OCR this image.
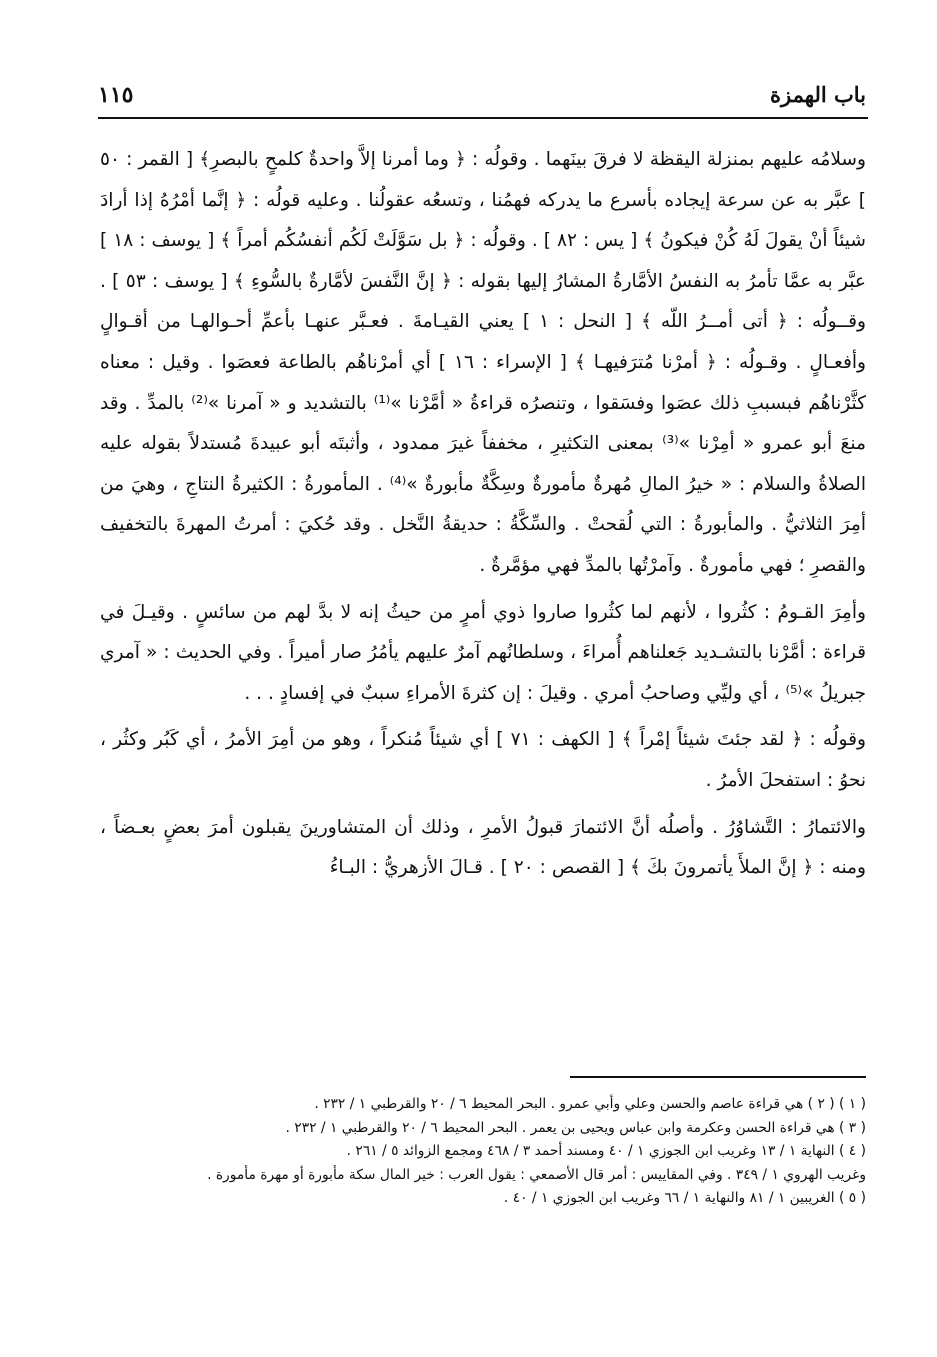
باب الهمزة
١١٥

وسلامُه عليهم بمنزلة اليقظة لا فرقَ بينَهما . وقولُه : ﴿ وما أمرنا إلاَّ واحدةٌ كلمحٍ بالبصرِ﴾ [ القمر : ٥٠ ] عبَّر به عن سرعة إيجاده بأسرع ما يدركه فهمُنا ، وتسعُه عقولُنا . وعليه قولُه : ﴿ إنَّما أمْرُهُ إذا أرادَ شيئاً أنْ يقولَ لَهُ كُنْ فيكونُ ﴾ [ يس : ٨٢ ] . وقولُه : ﴿ بل سَوَّلَتْ لَكُم أنفسُكُم أمراً ﴾ [ يوسف : ١٨ ] عبَّر به عمَّا تأمرُ به النفسُ الأمَّارةُ المشارُ إليها بقوله : ﴿ إنَّ النَّفسَ لأمَّارةٌ بالسُّوءِ ﴾ [ يوسف : ٥٣ ] . وقــولُه : ﴿ أتى أمــرُ اللّه ﴾ [ النحل : ١ ] يعني القيـامةَ . فعـبَّر عنهـا بأعمِّ أحـوالهـا من أقـوالٍ وأفعـالٍ . وقـولُه : ﴿ أمرْنا مُترَفيهـا ﴾ [ الإسراء : ١٦ ] أي أمرْناهُم بالطاعة فعصَوا . وقيل : معناه كثَّرْناهُم فبسببِ ذلك عصَوا وفسَقوا ، وتنصرُه قراءةُ « أمَّرْنا »⁽¹⁾ بالتشديد و « آمرنا »⁽²⁾ بالمدِّ . وقد منعَ أبو عمرو « أمِرْنا »⁽³⁾ بمعنى التكثيرِ ، مخففاً غيرَ ممدود ، وأثبتَه أبو عبيدةَ مُستدلاً بقوله عليه الصلاةُ والسلام : « خيرُ المالِ مُهرةٌ مأمورةٌ وسِكَّةٌ مأبورةٌ »⁽⁴⁾ . المأمورةُ : الكثيرةُ النتاجِ ، وهيَ من أمِرَ الثلاثيُّ . والمأبورةُ : التي لُقحتْ . والسِّكَّةُ : حديقةُ النَّخل . وقد حُكيَ : أمرتُ المهرةَ بالتخفيف والقصرِ ؛ فهي مأمورةٌ . وآمرْتُها بالمدِّ فهي مؤمَّرةٌ .

وأمِرَ القـومُ : كثُروا ، لأنهم لما كثُروا صاروا ذوي أمرٍ من حيثُ إنه لا بدَّ لهم من سائسٍ . وقيـلَ في قراءة : أمَّرْنا بالتشـديد جَعلناهم أُمراءَ ، وسلطانُهم آمرٌ عليهم يأمُرُ صار أميراً . وفي الحديث : « آمري جبريلُ »⁽⁵⁾ ، أي وليِّي وصاحبُ أمري . وقيلَ : إن كثرةَ الأمراءِ سببٌ في إفسادٍ . . .

وقولُه : ﴿ لقد جئتَ شيئاً إمْراً ﴾ [ الكهف : ٧١ ] أي شيئاً مُنكراً ، وهو من أمِرَ الأمرُ ، أي كَبُر وكثُر ، نحوُ : استفحلَ الأمرُ .

والائتمارُ : التَّشاوُرُ . وأصلُه أنَّ الائتمارَ قبولُ الأمرِ ، وذلك أن المتشاورينَ يقبلون أمرَ بعضٍ بعـضاً ، ومنه : ﴿ إنَّ الملأَ يأتمرونَ بكَ ﴾ [ القصص : ٢٠ ] . قـالَ الأزهريُّ : البـاءُ

( ١ ) ( ٢ ) هي قراءة عاصم والحسن وعلي وأبي عمرو . البحر المحيط ٦ / ٢٠ والقرطبي ١ / ٢٣٢ .

( ٣ ) هي قراءة الحسن وعكرمة وابن عباس ويحيى بن يعمر . البحر المحيط ٦ / ٢٠ والقرطبي ١ / ٢٣٢ .

( ٤ ) النهاية ١ / ١٣ وغريب ابن الجوزي ١ / ٤٠ ومسند أحمد ٣ / ٤٦٨ ومجمع الزوائد ٥ / ٢٦١ .

وغريب الهروي ١ / ٣٤٩ . وفي المقاييس : أمر قال الأصمعي : يقول العرب : خير المال سكة مأبورة أو مهرة مأمورة .

( ٥ ) الغريبين ١ / ٨١ والنهاية ١ / ٦٦ وغريب ابن الجوزي ١ / ٤٠ .
